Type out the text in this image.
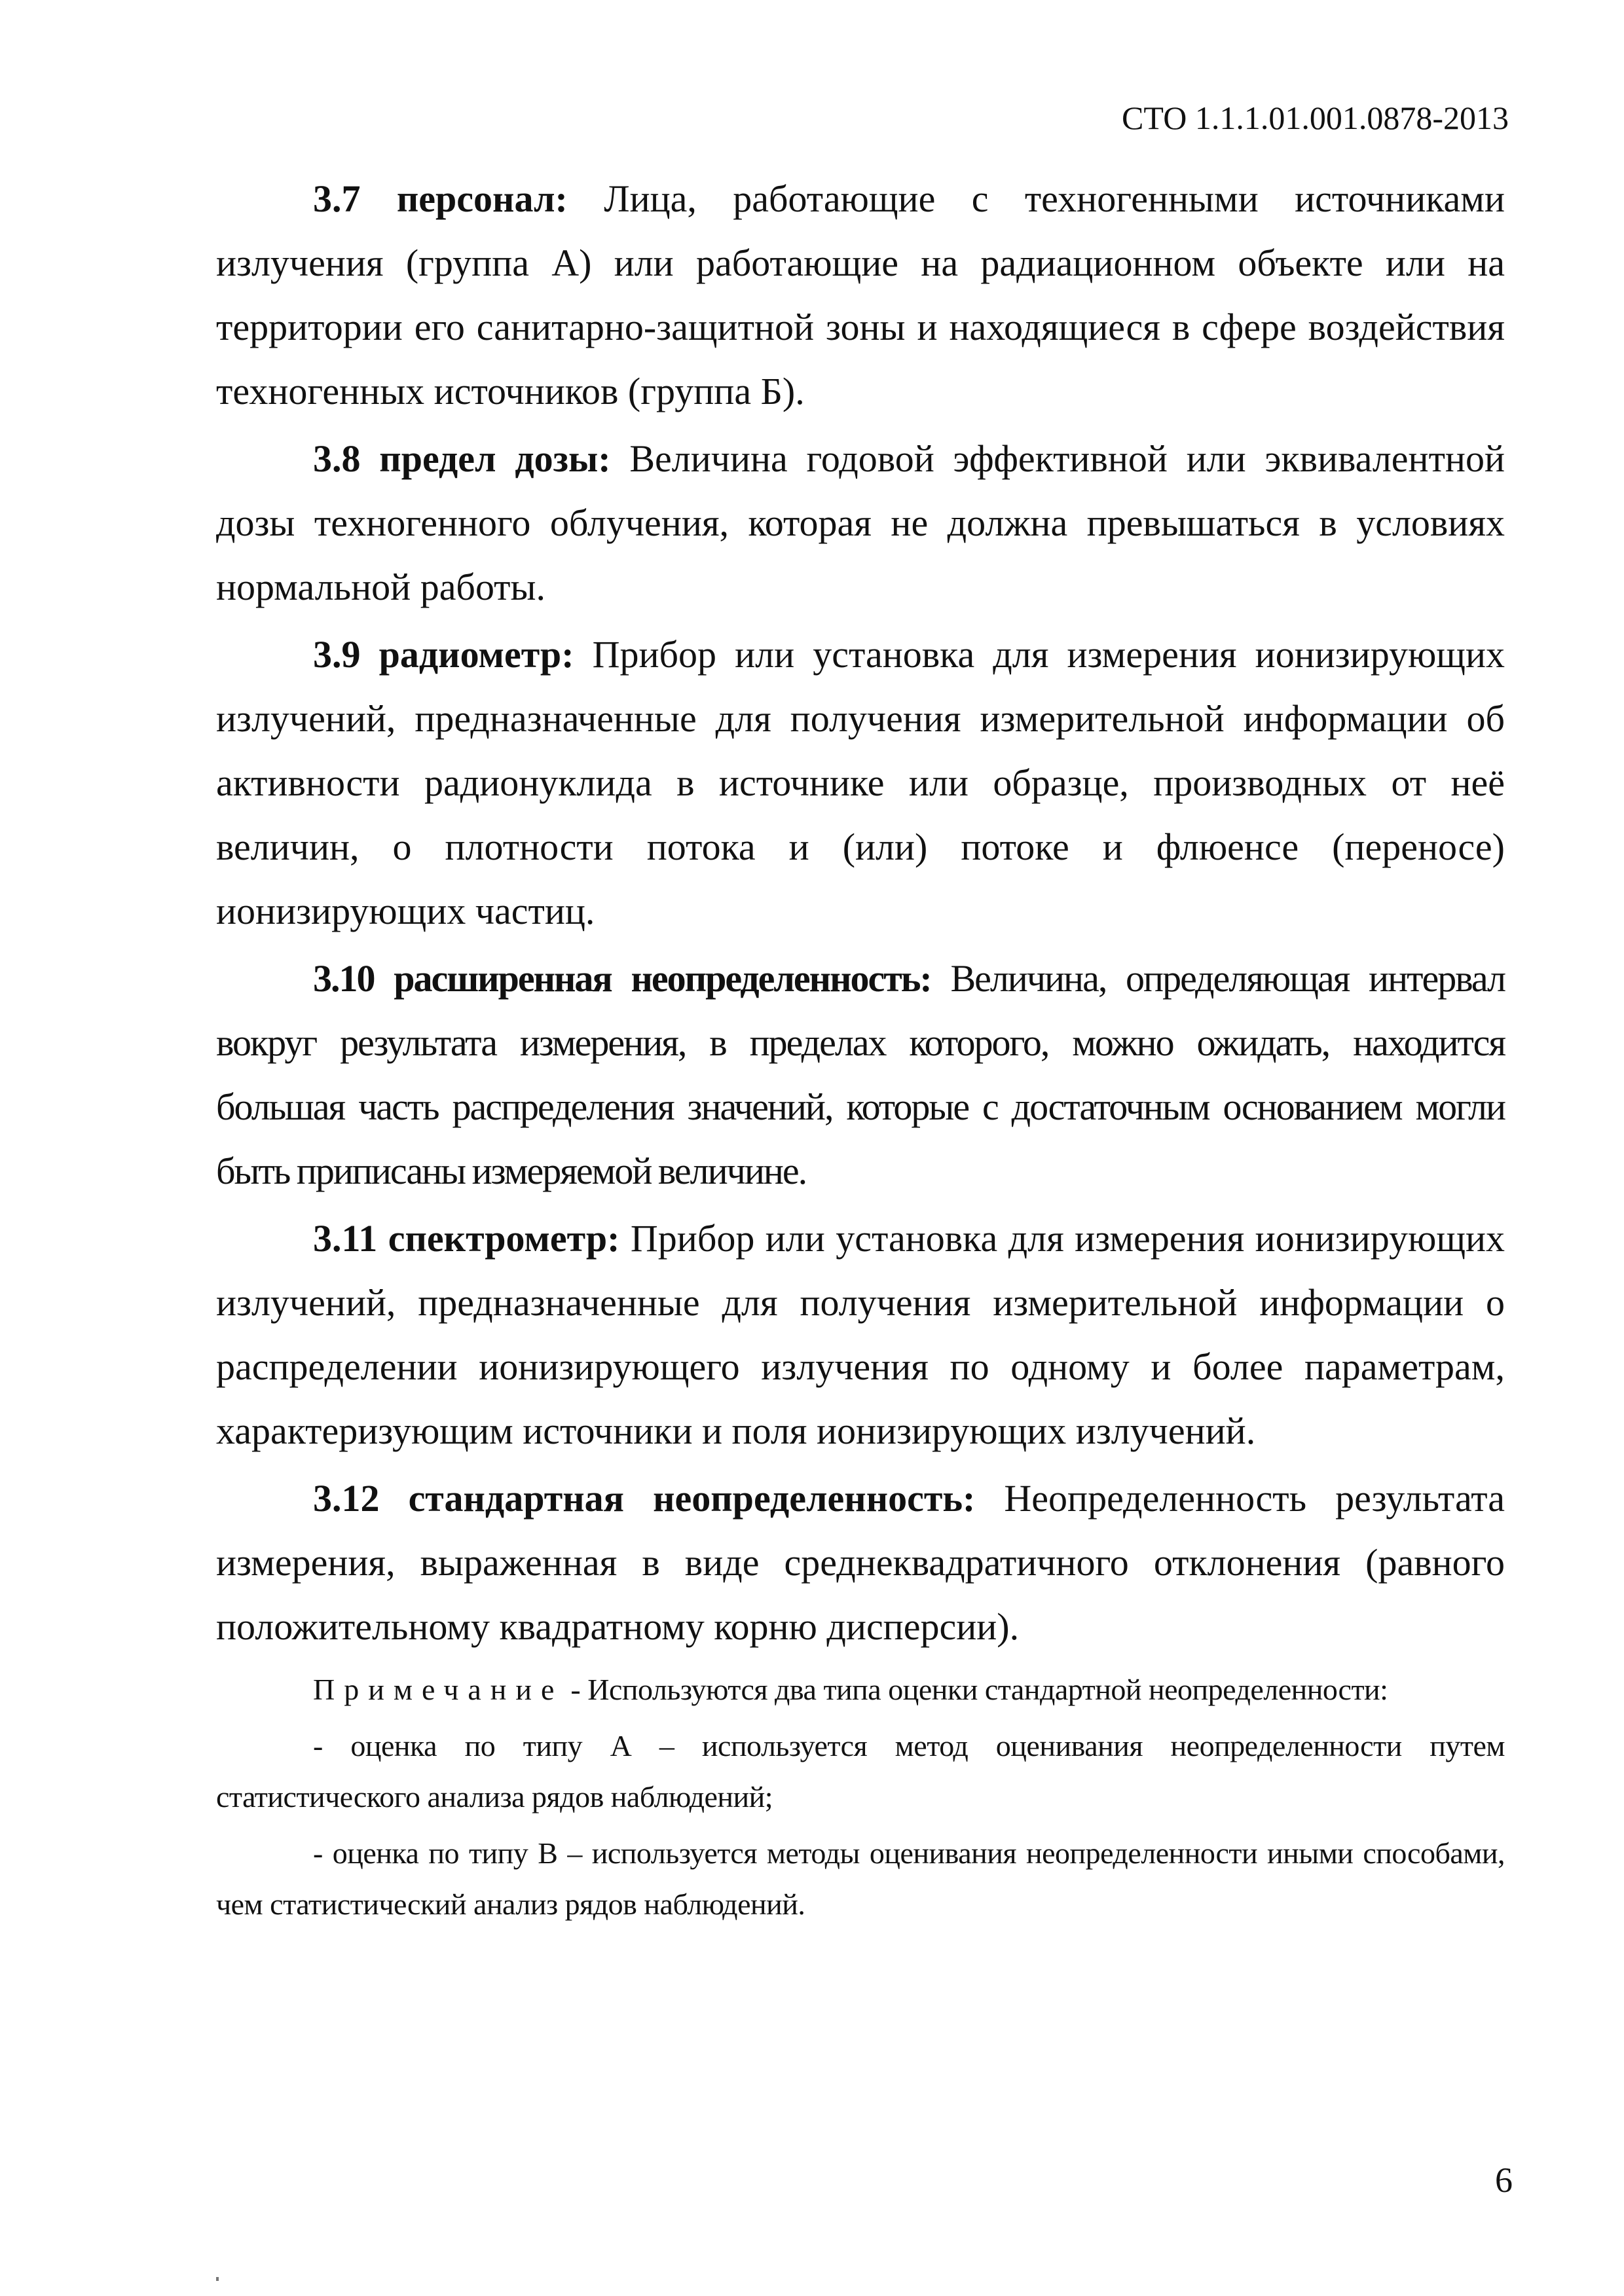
СТО 1.1.1.01.001.0878-2013

3.7 персонал: Лица, работающие с техногенными источниками излучения (группа А) или работающие на радиационном объекте или на территории его санитарно-защитной зоны и находящиеся в сфере воздействия техногенных источников (группа Б).

3.8 предел дозы: Величина годовой эффективной или эквивалентной дозы техногенного облучения, которая не должна превышаться в условиях нормальной работы.

3.9 радиометр: Прибор или установка для измерения ионизирующих излучений, предназначенные для получения измерительной информации об активности радионуклида в источнике или образце, производных от неё величин, о плотности потока и (или) потоке и флюенсе (переносе) ионизирующих частиц.

3.10 расширенная неопределенность: Величина, определяющая интервал вокруг результата измерения, в пределах которого, можно ожидать, находится большая часть распределения значений, которые с достаточным основанием могли быть приписаны измеряемой величине.

3.11 спектрометр: Прибор или установка для измерения ионизирующих излучений, предназначенные для получения измерительной информации о распределении ионизирующего излучения по одному и более параметрам, характеризующим источники и поля ионизирующих излучений.

3.12 стандартная неопределенность: Неопределенность результата измерения, выраженная в виде среднеквадратичного отклонения (равного положительному квадратному корню дисперсии).

Примечание - Используются два типа оценки стандартной неопределенности:

- оценка по типу А – используется метод оценивания неопределенности путем статистического анализа рядов наблюдений;

- оценка по типу В – используется методы оценивания неопределенности иными способами, чем статистический анализ рядов наблюдений.

6
